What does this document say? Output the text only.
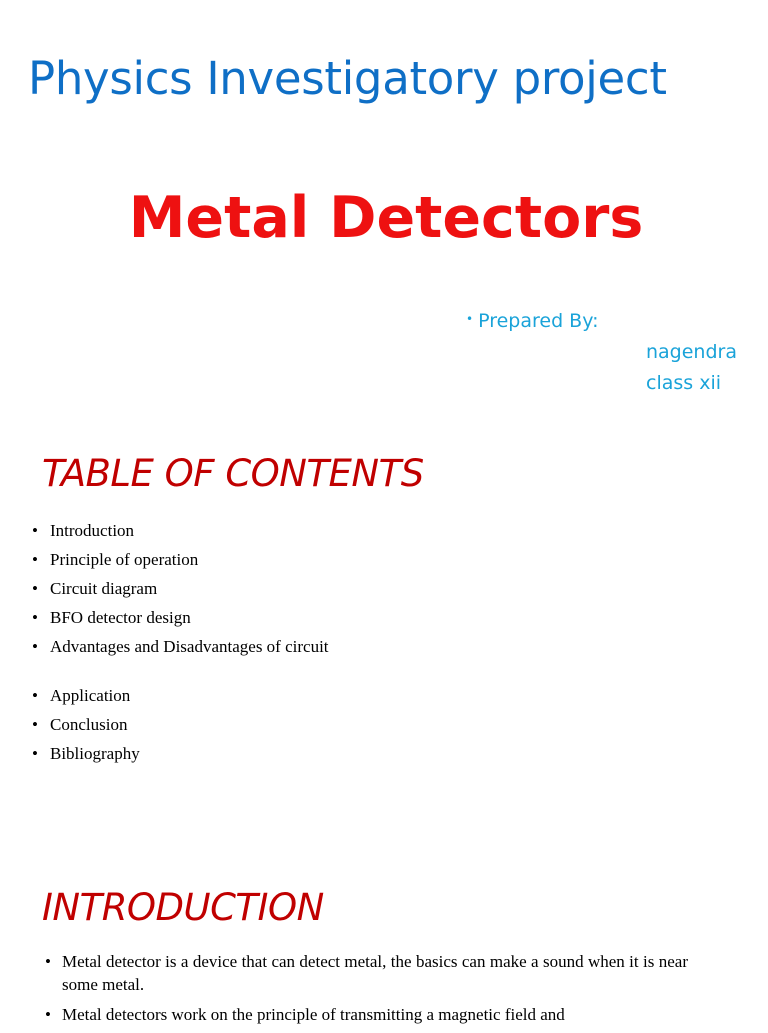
Physics Investigatory project
Metal Detectors
• Prepared By:
nagendra
class xii
TABLE OF CONTENTS
• Introduction
• Principle of operation
• Circuit diagram
• BFO detector design
• Advantages and Disadvantages of circuit
• Application
• Conclusion
• Bibliography
INTRODUCTION
• Metal detector is a device that can detect metal, the basics can make a sound when it is near some metal.
• Metal detectors work on the principle of transmitting a magnetic field and
